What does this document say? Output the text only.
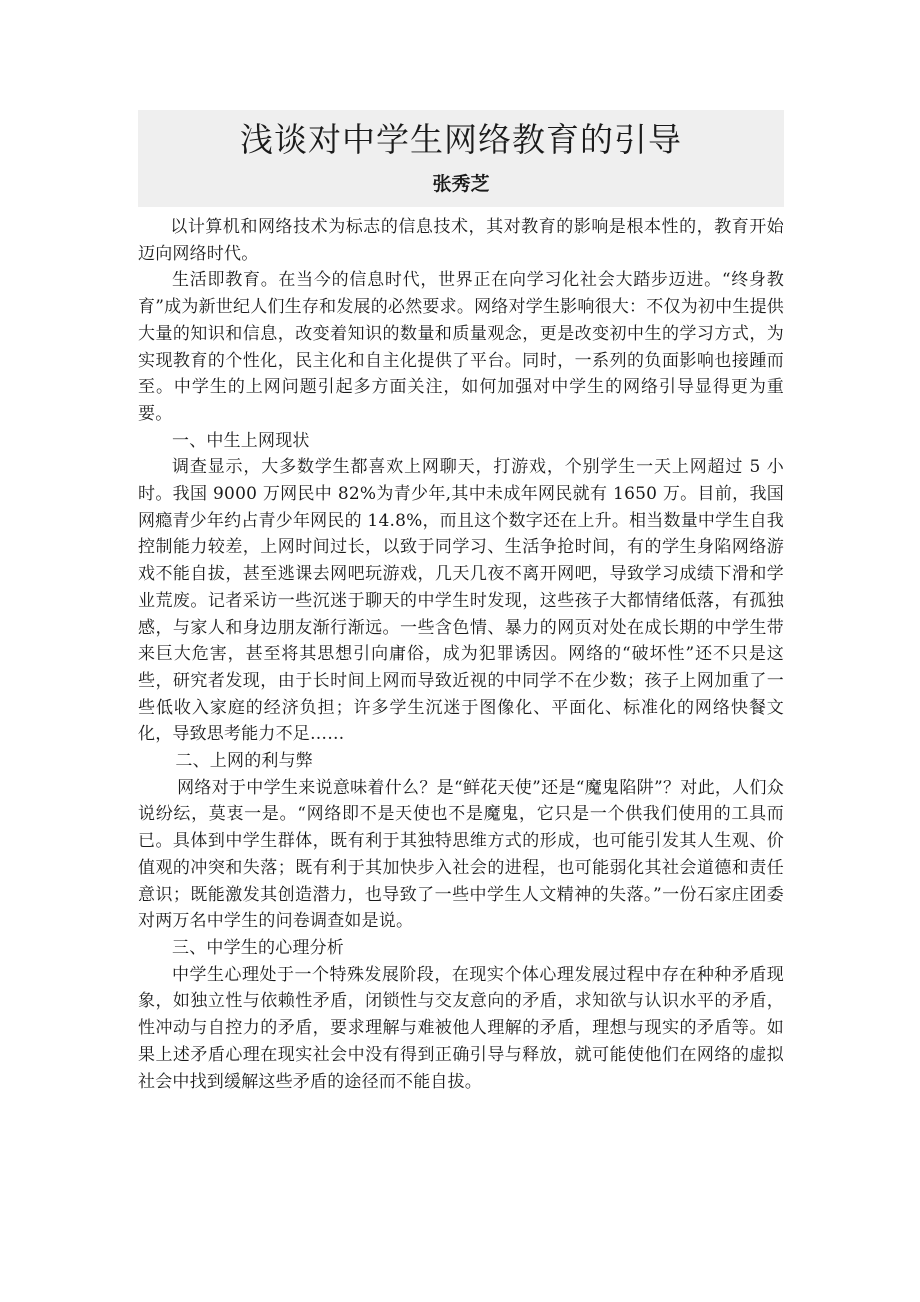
浅谈对中学生网络教育的引导
张秀芝

以计算机和网络技术为标志的信息技术，其对教育的影响是根本性的，教育开始迈向网络时代。

生活即教育。在当今的信息时代，世界正在向学习化社会大踏步迈进。“终身教育”成为新世纪人们生存和发展的必然要求。网络对学生影响很大：不仅为初中生提供大量的知识和信息，改变着知识的数量和质量观念，更是改变初中生的学习方式，为实现教育的个性化，民主化和自主化提供了平台。同时，一系列的负面影响也接踵而至。中学生的上网问题引起多方面关注，如何加强对中学生的网络引导显得更为重要。

一、中生上网现状

调查显示，大多数学生都喜欢上网聊天，打游戏，个别学生一天上网超过 5 小时。我国 9000 万网民中 82%为青少年,其中未成年网民就有 1650 万。目前，我国网瘾青少年约占青少年网民的 14.8%，而且这个数字还在上升。相当数量中学生自我控制能力较差，上网时间过长，以致于同学习、生活争抢时间，有的学生身陷网络游戏不能自拔，甚至逃课去网吧玩游戏，几天几夜不离开网吧，导致学习成绩下滑和学业荒废。记者采访一些沉迷于聊天的中学生时发现，这些孩子大都情绪低落，有孤独感，与家人和身边朋友渐行渐远。一些含色情、暴力的网页对处在成长期的中学生带来巨大危害，甚至将其思想引向庸俗，成为犯罪诱因。网络的“破坏性”还不只是这些，研究者发现，由于长时间上网而导致近视的中同学不在少数；孩子上网加重了一些低收入家庭的经济负担；许多学生沉迷于图像化、平面化、标准化的网络快餐文化，导致思考能力不足……

二、上网的利与弊

网络对于中学生来说意味着什么？是“鲜花天使”还是“魔鬼陷阱”？对此，人们众说纷纭，莫衷一是。“网络即不是天使也不是魔鬼，它只是一个供我们使用的工具而已。具体到中学生群体，既有利于其独特思维方式的形成，也可能引发其人生观、价值观的冲突和失落；既有利于其加快步入社会的进程，也可能弱化其社会道德和责任意识；既能激发其创造潜力，也导致了一些中学生人文精神的失落。”一份石家庄团委对两万名中学生的问卷调查如是说。

三、中学生的心理分析

中学生心理处于一个特殊发展阶段，在现实个体心理发展过程中存在种种矛盾现象，如独立性与依赖性矛盾，闭锁性与交友意向的矛盾，求知欲与认识水平的矛盾，性冲动与自控力的矛盾，要求理解与难被他人理解的矛盾，理想与现实的矛盾等。如果上述矛盾心理在现实社会中没有得到正确引导与释放，就可能使他们在网络的虚拟社会中找到缓解这些矛盾的途径而不能自拔。
